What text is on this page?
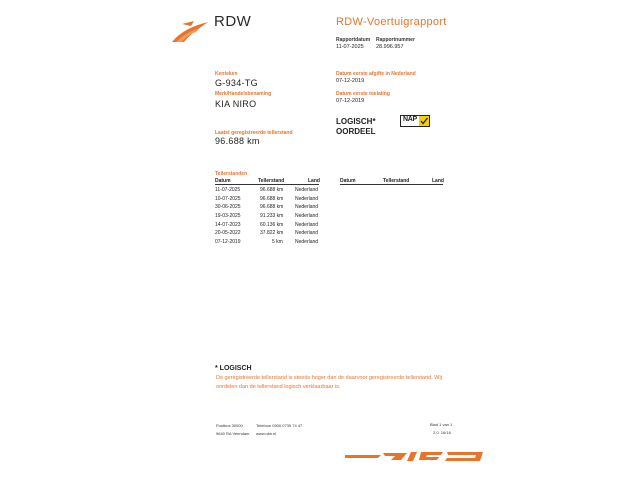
RDW	RDW-Voertuigrapport
Rapportdatum Rapportnummer
11-07-2025 28.996.957
Kenteken
G-934-TG
Merk/Handelsbenaming
KIA NIRO
Laatst geregistreerde tellerstand
96.688 km
Datum eerste afgifte in Nederland
07-12-2019
Datum eerste toelating
07-12-2019
LOGISCH*
OORDEEL
NAP
Tellerstanden
Datum	Tellerstand	Land	Datum	Tellerstand	Land
11-07-2025	96.688 km Nederland
10-07-2025	96.688 km Nederland
30-06-2025	96.688 km Nederland
19-03-2025	91.233 km Nederland
14-07-2023	60.136 km Nederland
20-05-2022	37.822 km Nederland
07-12-2019	5 km Nederland
* LOGISCH
De geregistreerde tellerstand is steeds hoger dan de daarvoor geregistreerde tellerstand. Wij oordelen dan de tellerstand logisch verklaarbaar is.
Postbus 30000
9640 RA Veendam
Telefoon 0900 0739 74 47
www.rdw.nl
Blad 1 van 1
2.0. 16/16
